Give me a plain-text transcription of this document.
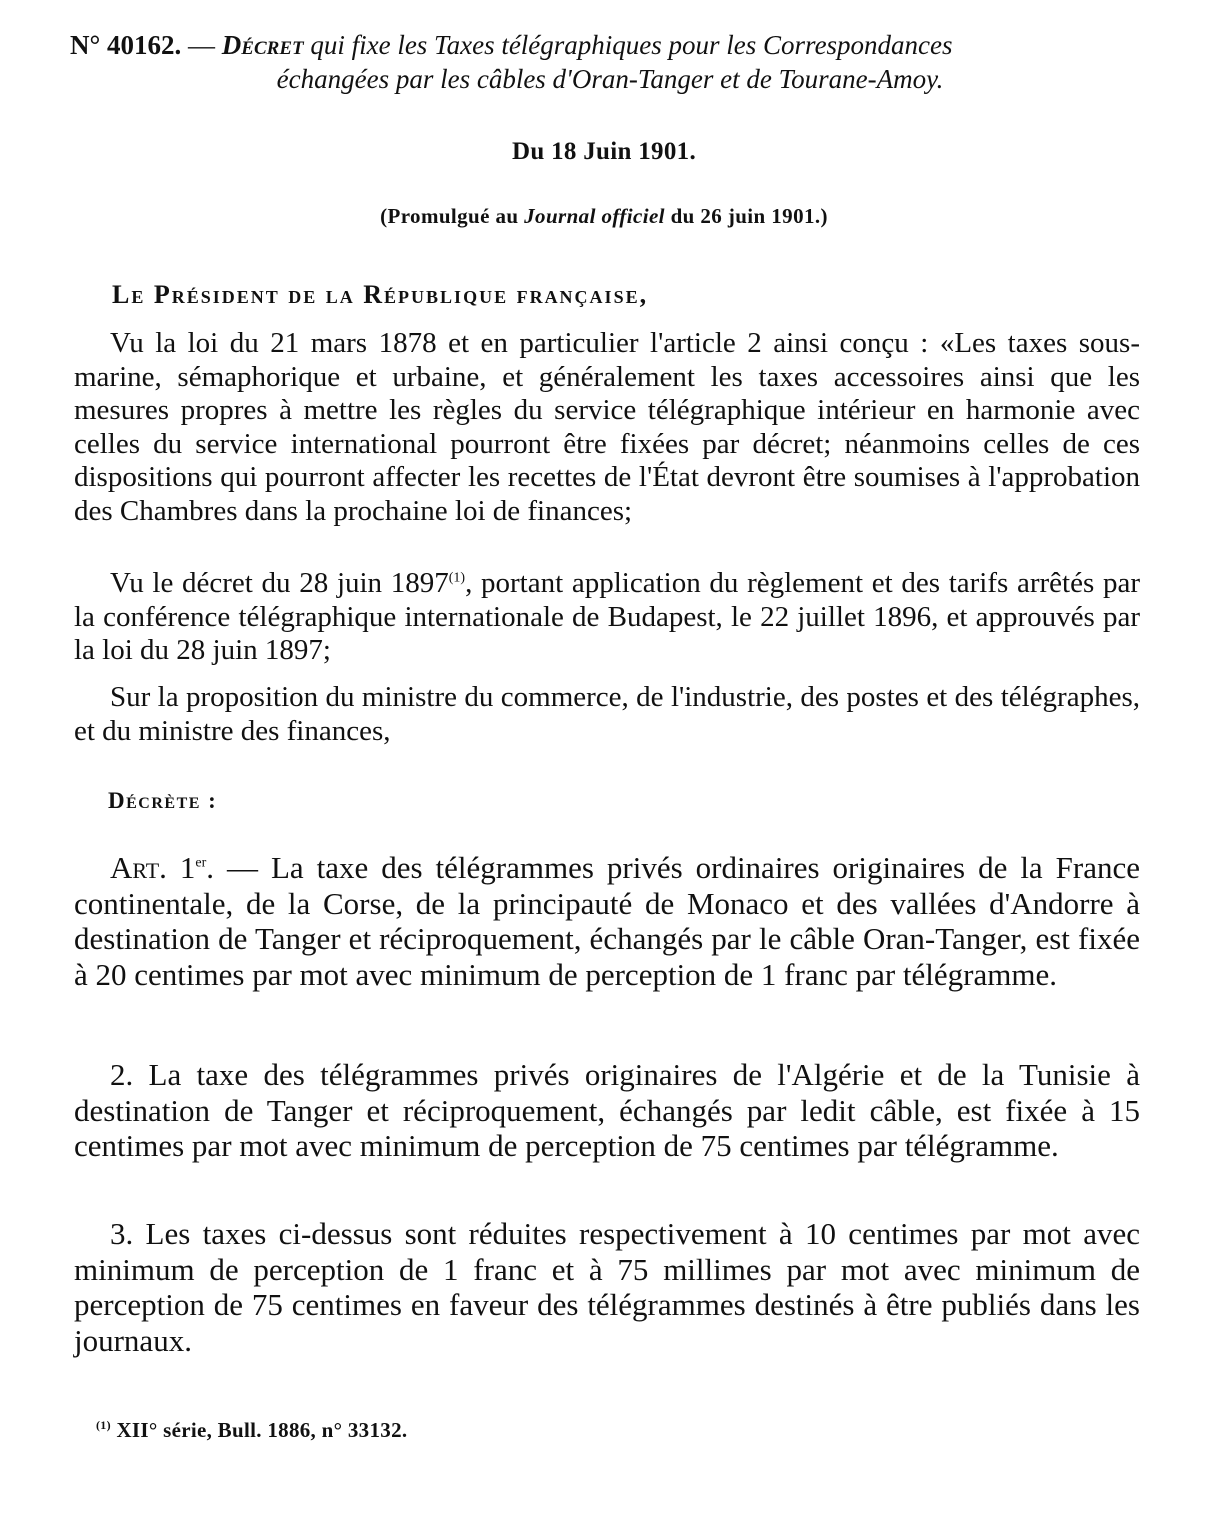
N° 40162. — Décret qui fixe les Taxes télégraphiques pour les Correspondances
échangées par les câbles d'Oran-Tanger et de Tourane-Amoy.
Du 18 Juin 1901.
(Promulgué au Journal officiel du 26 juin 1901.)
Le Président de la République française,
Vu la loi du 21 mars 1878 et en particulier l'article 2 ainsi conçu : «Les taxes sous-marine, sémaphorique et urbaine, et généralement les taxes accessoires ainsi que les mesures propres à mettre les règles du service télégraphique intérieur en harmonie avec celles du service international pourront être fixées par décret; néanmoins celles de ces dispositions qui pourront affecter les recettes de l'État devront être soumises à l'approbation des Chambres dans la prochaine loi de finances;
Vu le décret du 28 juin 1897$^{(1)}$, portant application du règlement et des tarifs arrêtés par la conférence télégraphique internationale de Budapest, le 22 juillet 1896, et approuvés par la loi du 28 juin 1897;
Sur la proposition du ministre du commerce, de l'industrie, des postes et des télégraphes, et du ministre des finances,
Décrète :
Art. 1er. — La taxe des télégrammes privés ordinaires originaires de la France continentale, de la Corse, de la principauté de Monaco et des vallées d'Andorre à destination de Tanger et réciproquement, échangés par le câble Oran-Tanger, est fixée à 20 centimes par mot avec minimum de perception de 1 franc par télégramme.
2. La taxe des télégrammes privés originaires de l'Algérie et de la Tunisie à destination de Tanger et réciproquement, échangés par ledit câble, est fixée à 15 centimes par mot avec minimum de perception de 75 centimes par télégramme.
3. Les taxes ci-dessus sont réduites respectivement à 10 centimes par mot avec minimum de perception de 1 franc et à 75 millimes par mot avec minimum de perception de 75 centimes en faveur des télégrammes destinés à être publiés dans les journaux.
$^{(1)}$ XII° série, Bull. 1886, n° 33132.
